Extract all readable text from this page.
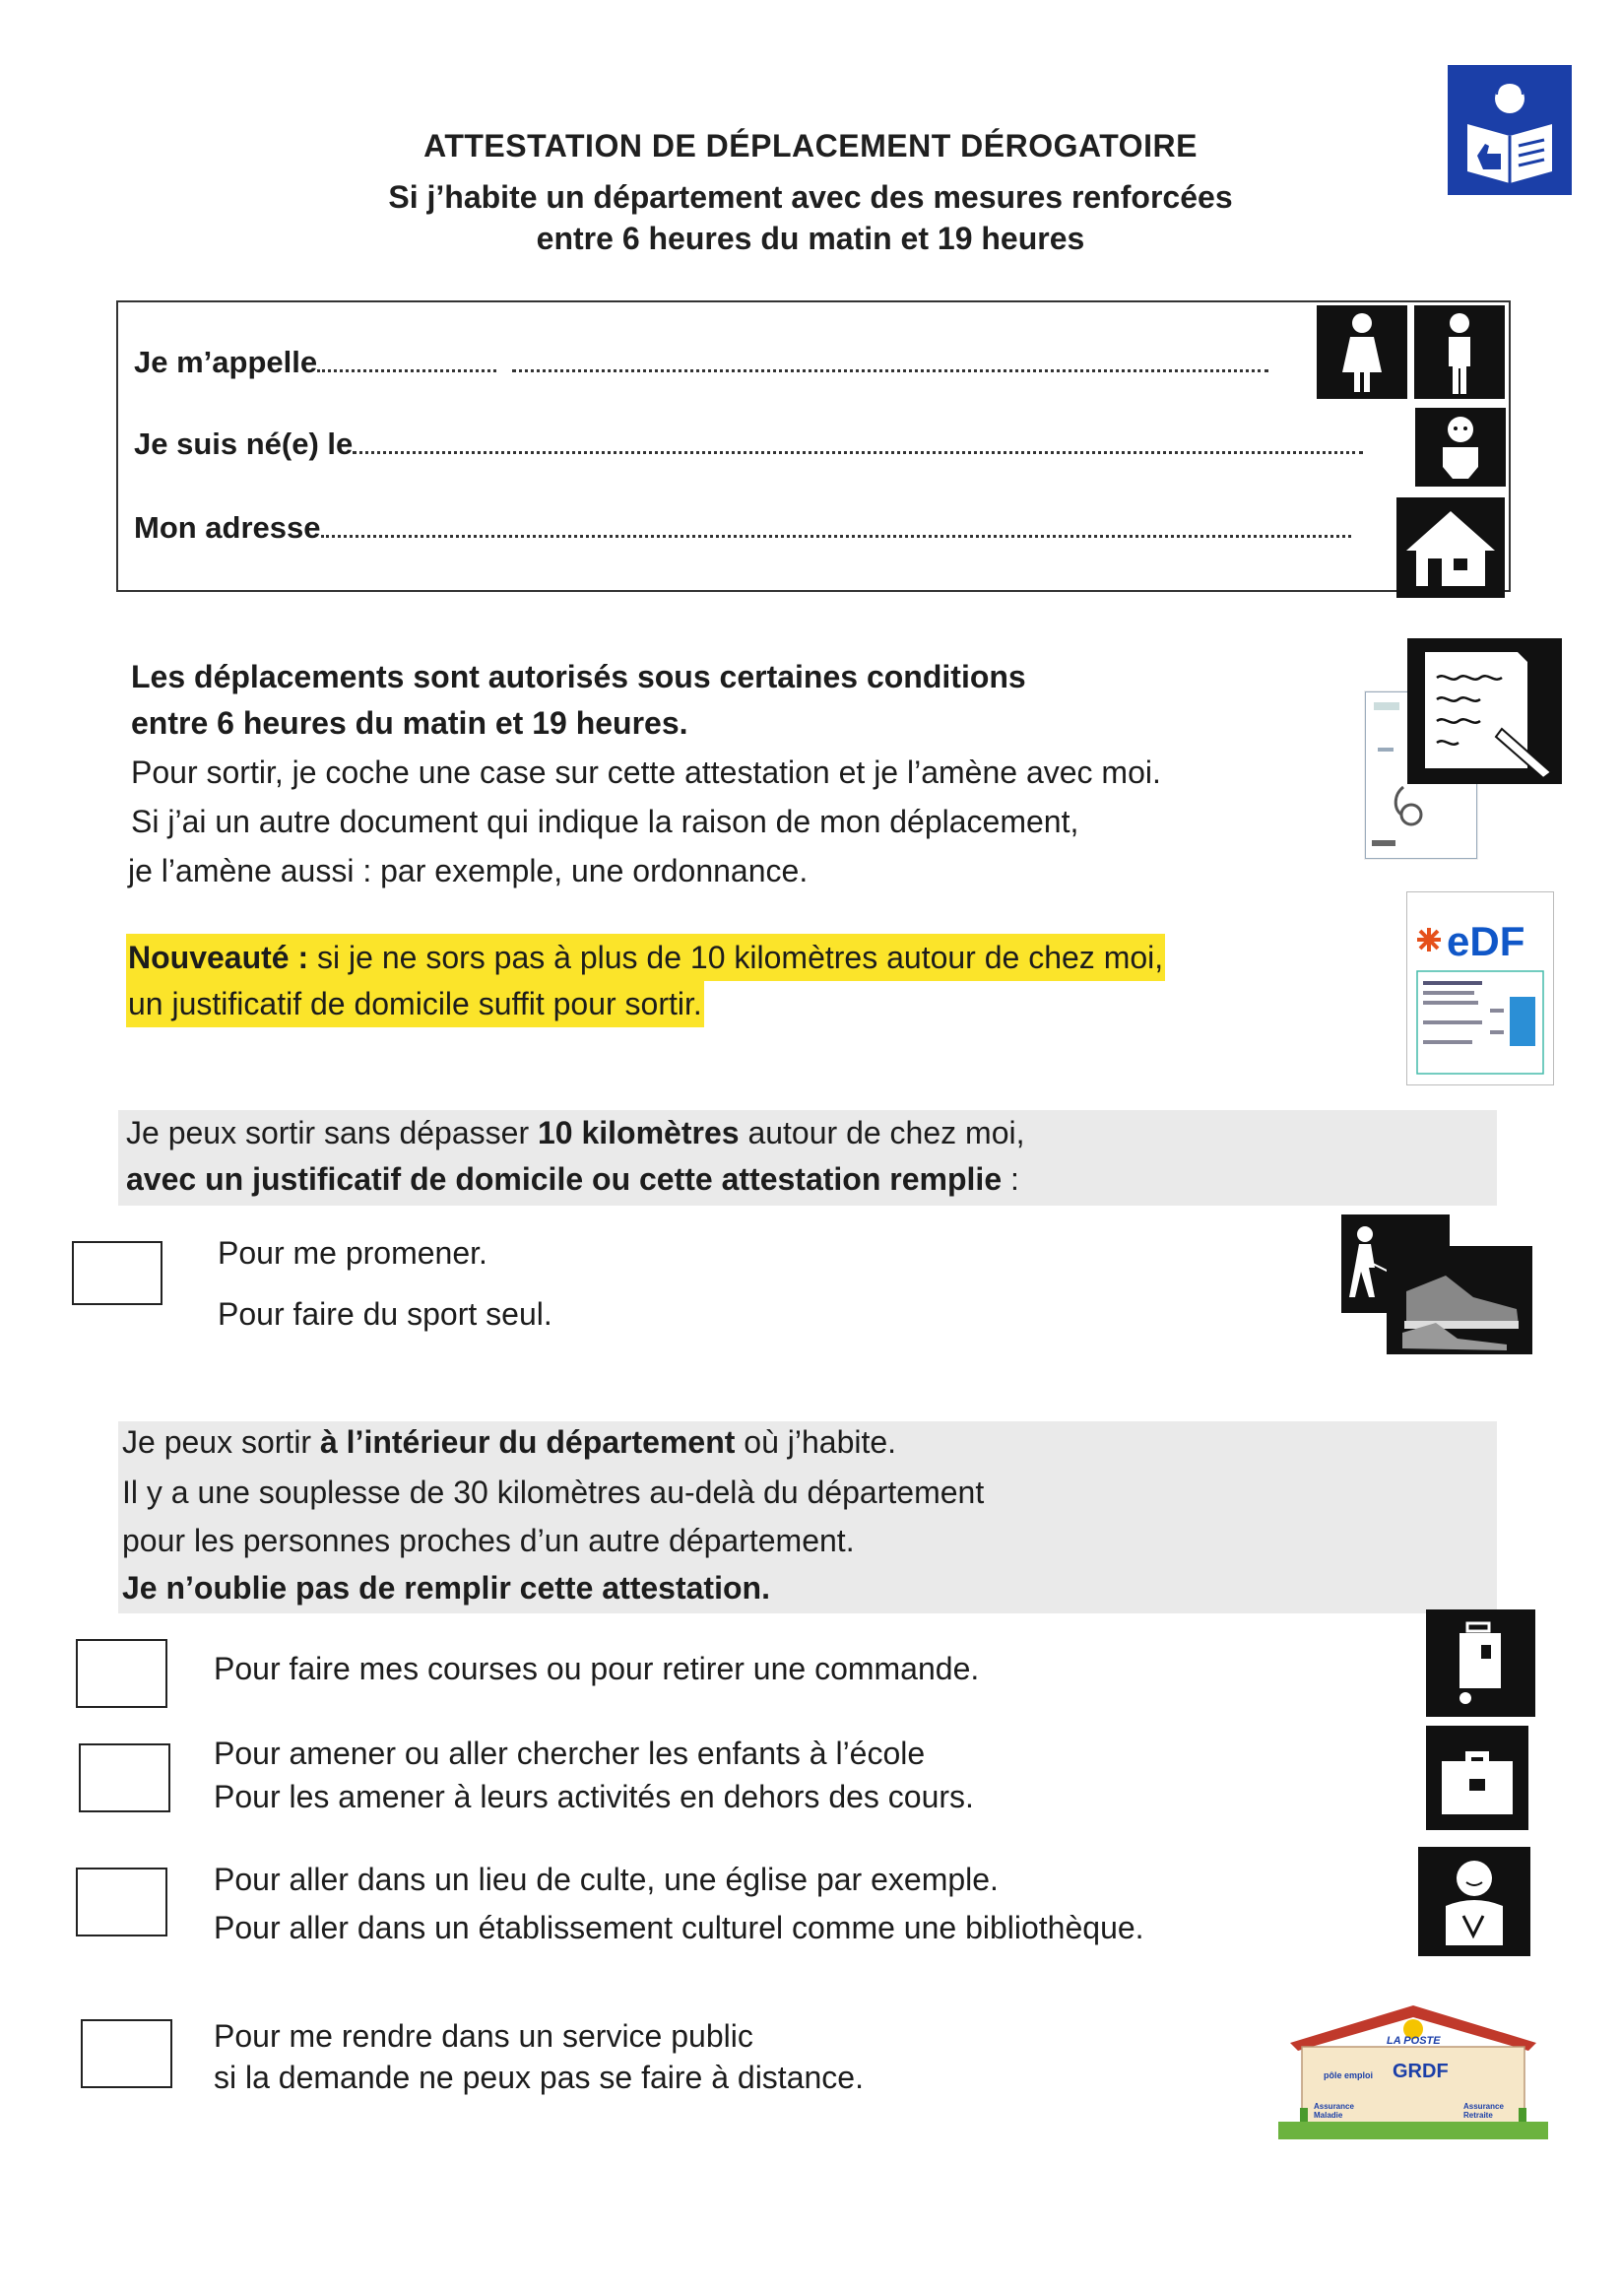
ATTESTATION DE DÉPLACEMENT DÉROGATOIRE
Si j’habite un département avec des mesures renforcées
entre 6 heures du matin et 19 heures
Je m’appelle
Je suis né(e) le
Mon adresse
Les déplacements sont autorisés sous certaines conditions
entre 6 heures du matin et 19 heures.
Pour sortir, je coche une case sur cette attestation et je l’amène avec moi.
Si j’ai un autre document qui indique la raison de mon déplacement,
je l’amène aussi : par exemple, une ordonnance.
Nouveauté : si je ne sors pas à plus de 10 kilomètres autour de chez moi,
un justificatif de domicile suffit pour sortir.
eDF
Je peux sortir sans dépasser 10 kilomètres autour de chez moi,
avec un justificatif de domicile ou cette attestation remplie :
Pour me promener.
Pour faire du sport seul.
Je peux sortir à l’intérieur du département où j’habite.
Il y a une souplesse de 30 kilomètres au-delà du département
pour les personnes proches d’un autre département.
Je n’oublie pas de remplir cette attestation.
Pour faire mes courses ou pour retirer une commande.
Pour amener ou aller chercher les enfants à l’école
Pour les amener à leurs activités en dehors des cours.
Pour aller dans un lieu de culte, une église par exemple.
Pour aller dans un établissement culturel comme une bibliothèque.
Pour me rendre dans un service public
si la demande ne peux pas se faire à distance.
LA POSTE
pôle emploi GRDF
Assurance Maladie
Assurance Retraite
